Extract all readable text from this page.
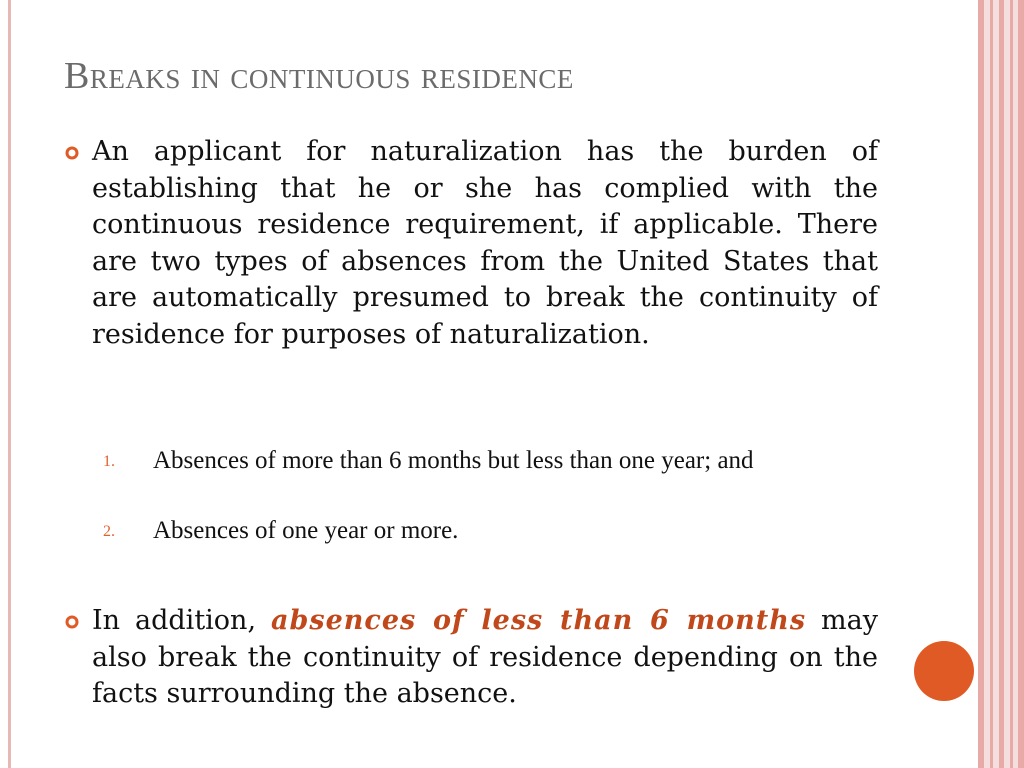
Breaks in continuous residence

An applicant for naturalization has the burden of establishing that he or she has complied with the continuous residence requirement, if applicable. There are two types of absences from the United States that are automatically presumed to break the continuity of residence for purposes of naturalization.

1. Absences of more than 6 months but less than one year; and

2. Absences of one year or more.

In addition, absences of less than 6 months may also break the continuity of residence depending on the facts surrounding the absence.
